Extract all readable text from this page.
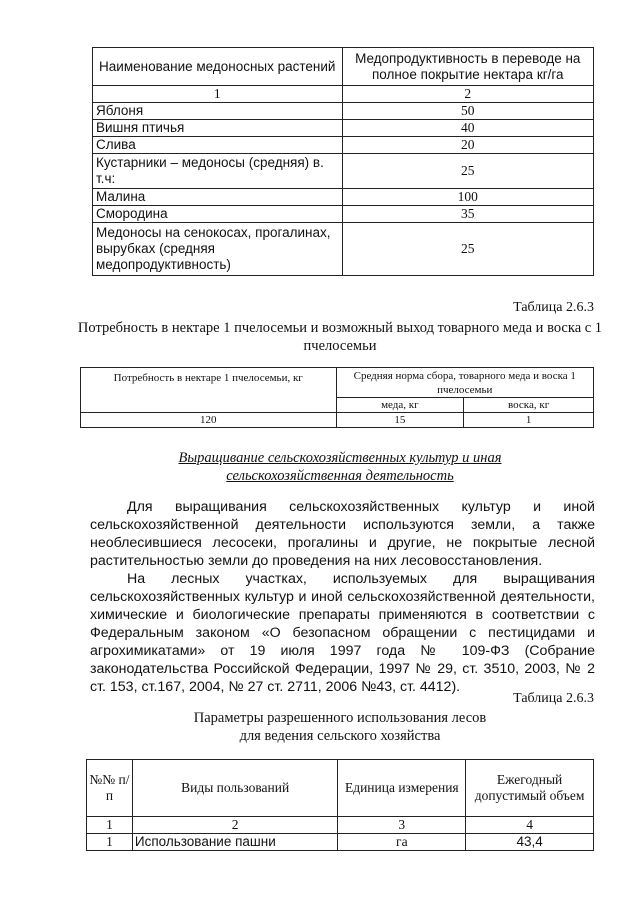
Наименование медоносных растений	Медопродуктивность в переводе на полное покрытие нектара кг/га
1	2
Яблоня	50
Вишня птичья	40
Слива	20
Кустарники – медоносы (средняя) в. т.ч:	25
Малина	100
Смородина	35
Медоносы на сенокосах, прогалинах, вырубках (средняя медопродуктивность)	25
Таблица 2.6.3
Потребность в нектаре 1 пчелосемьи и возможный выход товарного меда и воска с 1 пчелосемьи
Потребность в нектаре 1 пчелосемьи, кг	Средняя норма сбора, товарного меда и воска 1 пчелосемьи	
	меда, кг	воска, кг
120	15	1
Выращивание сельскохозяйственных культур и иная
сельскохозяйственная деятельность

Для выращивания сельскохозяйственных культур и иной сельскохозяйственной деятельности используются земли, а также необлесившиеся лесосеки, прогалины и другие, не покрытые лесной растительностью земли до проведения на них лесовосстановления.

На лесных участках, используемых для выращивания сельскохозяйственных культур и иной сельскохозяйственной деятельности, химические и биологические препараты применяются в соответствии с Федеральным законом «О безопасном обращении с пестицидами и агрохимикатами» от 19 июля 1997 года № 109-ФЗ (Собрание законодательства Российской Федерации, 1997 № 29, ст. 3510, 2003, № 2 ст. 153, ст.167, 2004, № 27 ст. 2711, 2006 №43, ст. 4412).

Таблица 2.6.3
Параметры разрешенного использования лесов
для ведения сельского хозяйства
№№ п/п	Виды пользований	Единица измерения	Ежегодный допустимый объем
1	2	3	4
1	Использование пашни	га	43,4
